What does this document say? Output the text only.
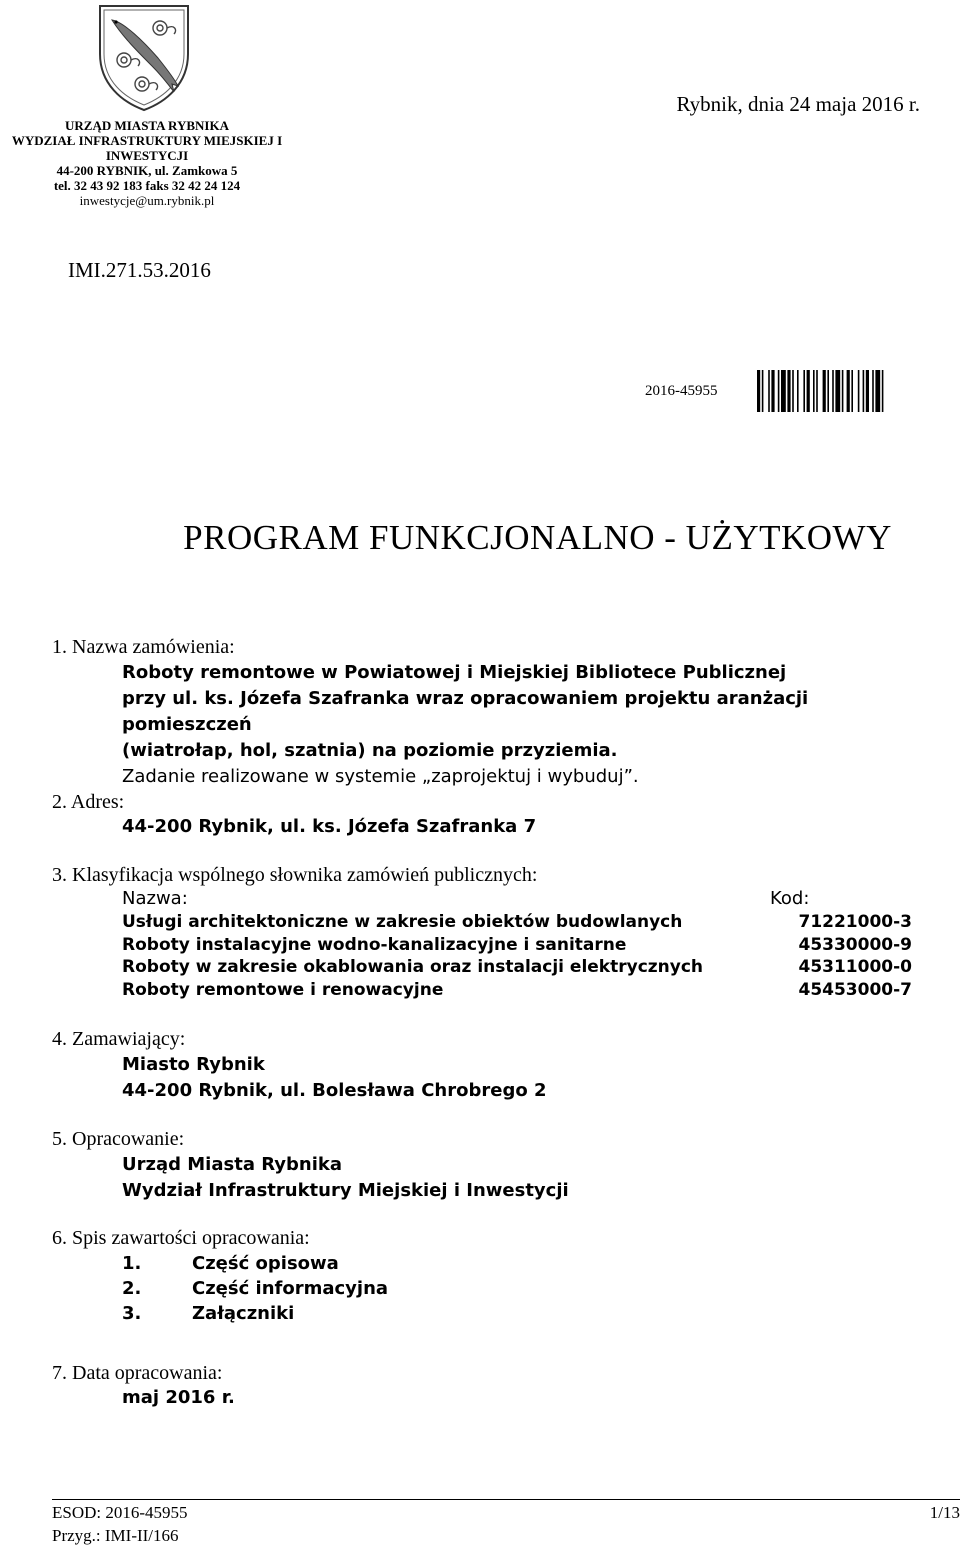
URZĄD MIASTA RYBNIKA
WYDZIAŁ INFRASTRUKTURY MIEJSKIEJ I INWESTYCJI
44-200 RYBNIK, ul. Zamkowa 5
tel. 32 43 92 183 faks 32 42 24 124
inwestycje@um.rybnik.pl
Rybnik, dnia 24 maja 2016 r.
IMI.271.53.2016
2016-45955
PROGRAM FUNKCJONALNO - UŻYTKOWY
1. Nazwa zamówienia:
Roboty remontowe w Powiatowej i Miejskiej Bibliotece Publicznej
przy ul. ks. Józefa Szafranka wraz opracowaniem projektu aranżacji pomieszczeń
(wiatrołap, hol, szatnia) na poziomie przyziemia.
Zadanie realizowane w systemie „zaprojektuj i wybuduj”.
2. Adres:
44-200 Rybnik, ul. ks. Józefa Szafranka 7
3. Klasyfikacja wspólnego słownika zamówień publicznych:
Nazwa:	Kod:
Usługi architektoniczne w zakresie obiektów budowlanych	71221000-3
Roboty instalacyjne wodno-kanalizacyjne i sanitarne	45330000-9
Roboty w zakresie okablowania oraz instalacji elektrycznych	45311000-0
Roboty remontowe i renowacyjne	45453000-7
4. Zamawiający:
Miasto Rybnik
44-200 Rybnik, ul. Bolesława Chrobrego 2
5. Opracowanie:
Urząd Miasta Rybnika
Wydział Infrastruktury Miejskiej i Inwestycji
6. Spis zawartości opracowania:
1.	Część opisowa
2.	Część informacyjna
3.	Załączniki
7. Data opracowania:
maj 2016 r.
ESOD: 2016-45955
Przyg.: IMI-II/166
1/13
